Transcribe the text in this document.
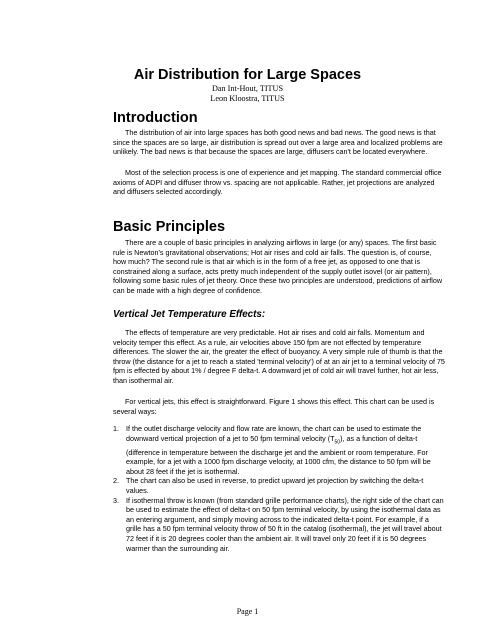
Air Distribution for Large Spaces
Dan Int-Hout, TITUS
Leon Kloostra, TITUS
Introduction

The distribution of air into large spaces has both good news and bad news. The good news is that since the spaces are so large, air distribution is spread out over a large area and localized problems are unlikely. The bad news is that because the spaces are large, diffusers can't be located everywhere.

Most of the selection process is one of experience and jet mapping. The standard commercial office axioms of ADPI and diffuser throw vs. spacing are not applicable. Rather, jet projections are analyzed and diffusers selected accordingly.

Basic Principles

There are a couple of basic principles in analyzing airflows in large (or any) spaces. The first basic rule is Newton's gravitational observations; Hot air rises and cold air falls. The question is, of course, how much? The second rule is that air which is in the form of a free jet, as opposed to one that is constrained along a surface, acts pretty much independent of the supply outlet isovel (or air pattern), following some basic rules of jet theory. Once these two principles are understood, predictions of airflow can be made with a high degree of confidence.

Vertical Jet Temperature Effects:

The effects of temperature are very predictable. Hot air rises and cold air falls. Momentum and velocity temper this effect. As a rule, air velocities above 150 fpm are not effected by temperature differences. The slower the air, the greater the effect of buoyancy. A very simple rule of thumb is that the throw (the distance for a jet to reach a stated 'terminal velocity') of at an air jet to a terminal velocity of 75 fpm is effected by about 1% / degree F delta-t. A downward jet of cold air will travel further, hot air less, than isothermal air.

For vertical jets, this effect is straightforward. Figure 1 shows this effect. This chart can be used is several ways:

1. If the outlet discharge velocity and flow rate are known, the chart can be used to estimate the downward vertical projection of a jet to 50 fpm terminal velocity $(T_{50})$, as a function of delta-t (difference in temperature between the discharge jet and the ambient or room temperature. For example, for a jet with a 1000 fpm discharge velocity, at 1000 cfm, the distance to 50 fpm will be about 28 feet if the jet is isothermal.
2. The chart can also be used in reverse, to predict upward jet projection by switching the delta-t values.
3. If isothermal throw is known (from standard grille performance charts), the right side of the chart can be used to estimate the effect of delta-t on 50 fpm terminal velocity, by using the isothermal data as an entering argument, and simply moving across to the indicated delta-t point. For example, if a grille has a 50 fpm terminal velocity throw of 50 ft in the catalog (isothermal), the jet will travel about 72 feet if it is 20 degrees cooler than the ambient air. It will travel only 20 feet if it is 50 degrees warmer than the surrounding air.
Page 1
